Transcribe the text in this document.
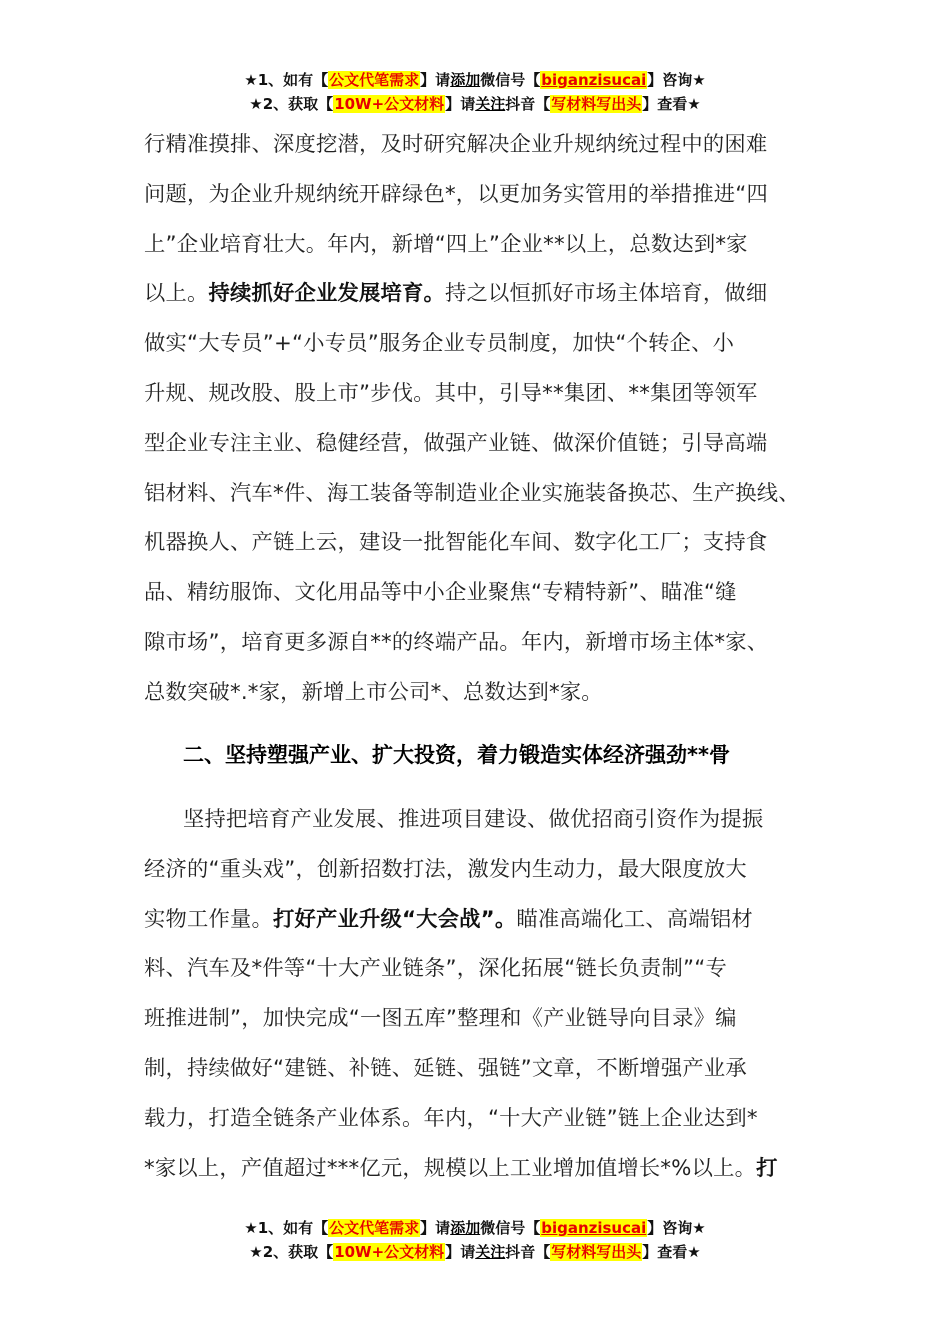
★1、如有【公文代笔需求】请添加微信号【biganzisucai】咨询★
★2、获取【10W+公文材料】请关注抖音【写材料写出头】查看★
行精准摸排、深度挖潜，及时研究解决企业升规纳统过程中的困难
问题，为企业升规纳统开辟绿色*，以更加务实管用的举措推进“四
上”企业培育壮大。年内，新增“四上”企业**以上，总数达到*家
以上。持续抓好企业发展培育。持之以恒抓好市场主体培育，做细
做实“大专员”+“小专员”服务企业专员制度，加快“个转企、小
升规、规改股、股上市”步伐。其中，引导**集团、**集团等领军
型企业专注主业、稳健经营，做强产业链、做深价值链；引导高端
铝材料、汽车*件、海工装备等制造业企业实施装备换芯、生产换线、
机器换人、产链上云，建设一批智能化车间、数字化工厂；支持食
品、精纺服饰、文化用品等中小企业聚焦“专精特新”、瞄准“缝
隙市场”，培育更多源自**的终端产品。年内，新增市场主体*家、
总数突破*.*家，新增上市公司*、总数达到*家。
二、坚持塑强产业、扩大投资，着力锻造实体经济强劲**骨
坚持把培育产业发展、推进项目建设、做优招商引资作为提振
经济的“重头戏”，创新招数打法，激发内生动力，最大限度放大
实物工作量。打好产业升级“大会战”。瞄准高端化工、高端铝材
料、汽车及*件等“十大产业链条”，深化拓展“链长负责制”“专
班推进制”，加快完成“一图五库”整理和《产业链导向目录》编
制，持续做好“建链、补链、延链、强链”文章，不断增强产业承
载力，打造全链条产业体系。年内，“十大产业链”链上企业达到*
*家以上，产值超过***亿元，规模以上工业增加值增长*%以上。打
★1、如有【公文代笔需求】请添加微信号【biganzisucai】咨询★
★2、获取【10W+公文材料】请关注抖音【写材料写出头】查看★
